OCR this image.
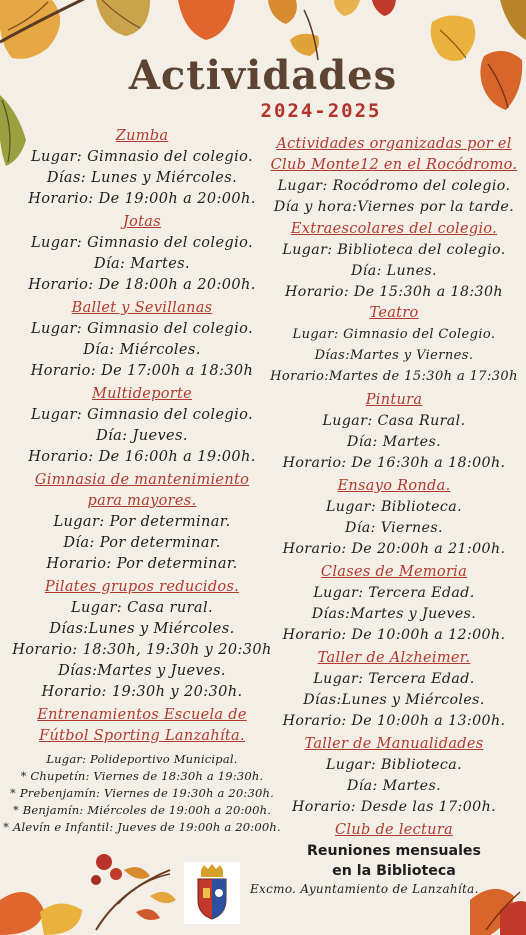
Actividades
2024-2025
Zumba
Lugar: Gimnasio del colegio.
Días: Lunes y Miércoles.
Horario: De 19:00h a 20:00h.
Jotas
Lugar: Gimnasio del colegio.
Día: Martes.
Horario: De 18:00h a 20:00h.
Ballet y Sevillanas
Lugar: Gimnasio del colegio.
Día: Miércoles.
Horario: De 17:00h a 18:30h
Multideporte
Lugar: Gimnasio del colegio.
Día: Jueves.
Horario: De 16:00h a 19:00h.
Gimnasia de mantenimiento para mayores.
Lugar: Por determinar.
Día: Por determinar.
Horario: Por determinar.
Pilates grupos reducidos.
Lugar: Casa rural.
Días:Lunes y Miércoles.
Horario: 18:30h, 19:30h y 20:30h
Días:Martes y Jueves.
Horario: 19:30h y 20:30h.
Entrenamientos Escuela de Fútbol Sporting Lanzahíta.
Lugar: Polideportivo Municipal.
* Chupetín: Viernes de 18:30h a 19:30h.
* Prebenjamín: Viernes de 19:30h a 20:30h.
* Benjamín: Miércoles de 19:00h a 20:00h.
* Alevín e Infantil: Jueves de 19:00h a 20:00h.
Actividades organizadas por el Club Monte12 en el Rocódromo.
Lugar: Rocódromo del colegio.
Día y hora:Viernes por la tarde.
Extraescolares del colegio.
Lugar: Biblioteca del colegio.
Día: Lunes.
Horario: De 15:30h a 18:30h
Teatro
Lugar: Gimnasio del Colegio.
Días:Martes y Viernes.
Horario:Martes de 15:30h a 17:30h
Pintura
Lugar: Casa Rural.
Día: Martes.
Horario: De 16:30h a 18:00h.
Ensayo Ronda.
Lugar: Biblioteca.
Día: Viernes.
Horario: De 20:00h a 21:00h.
Clases de Memoria
Lugar: Tercera Edad.
Días:Martes y Jueves.
Horario: De 10:00h a 12:00h.
Taller de Alzheimer.
Lugar: Tercera Edad.
Días:Lunes y Miércoles.
Horario: De 10:00h a 13:00h.
Taller de Manualidades
Lugar: Biblioteca.
Día: Martes.
Horario: Desde las 17:00h.
Club de lectura
Reuniones mensuales
en la Biblioteca
Excmo. Ayuntamiento de Lanzahíta.
